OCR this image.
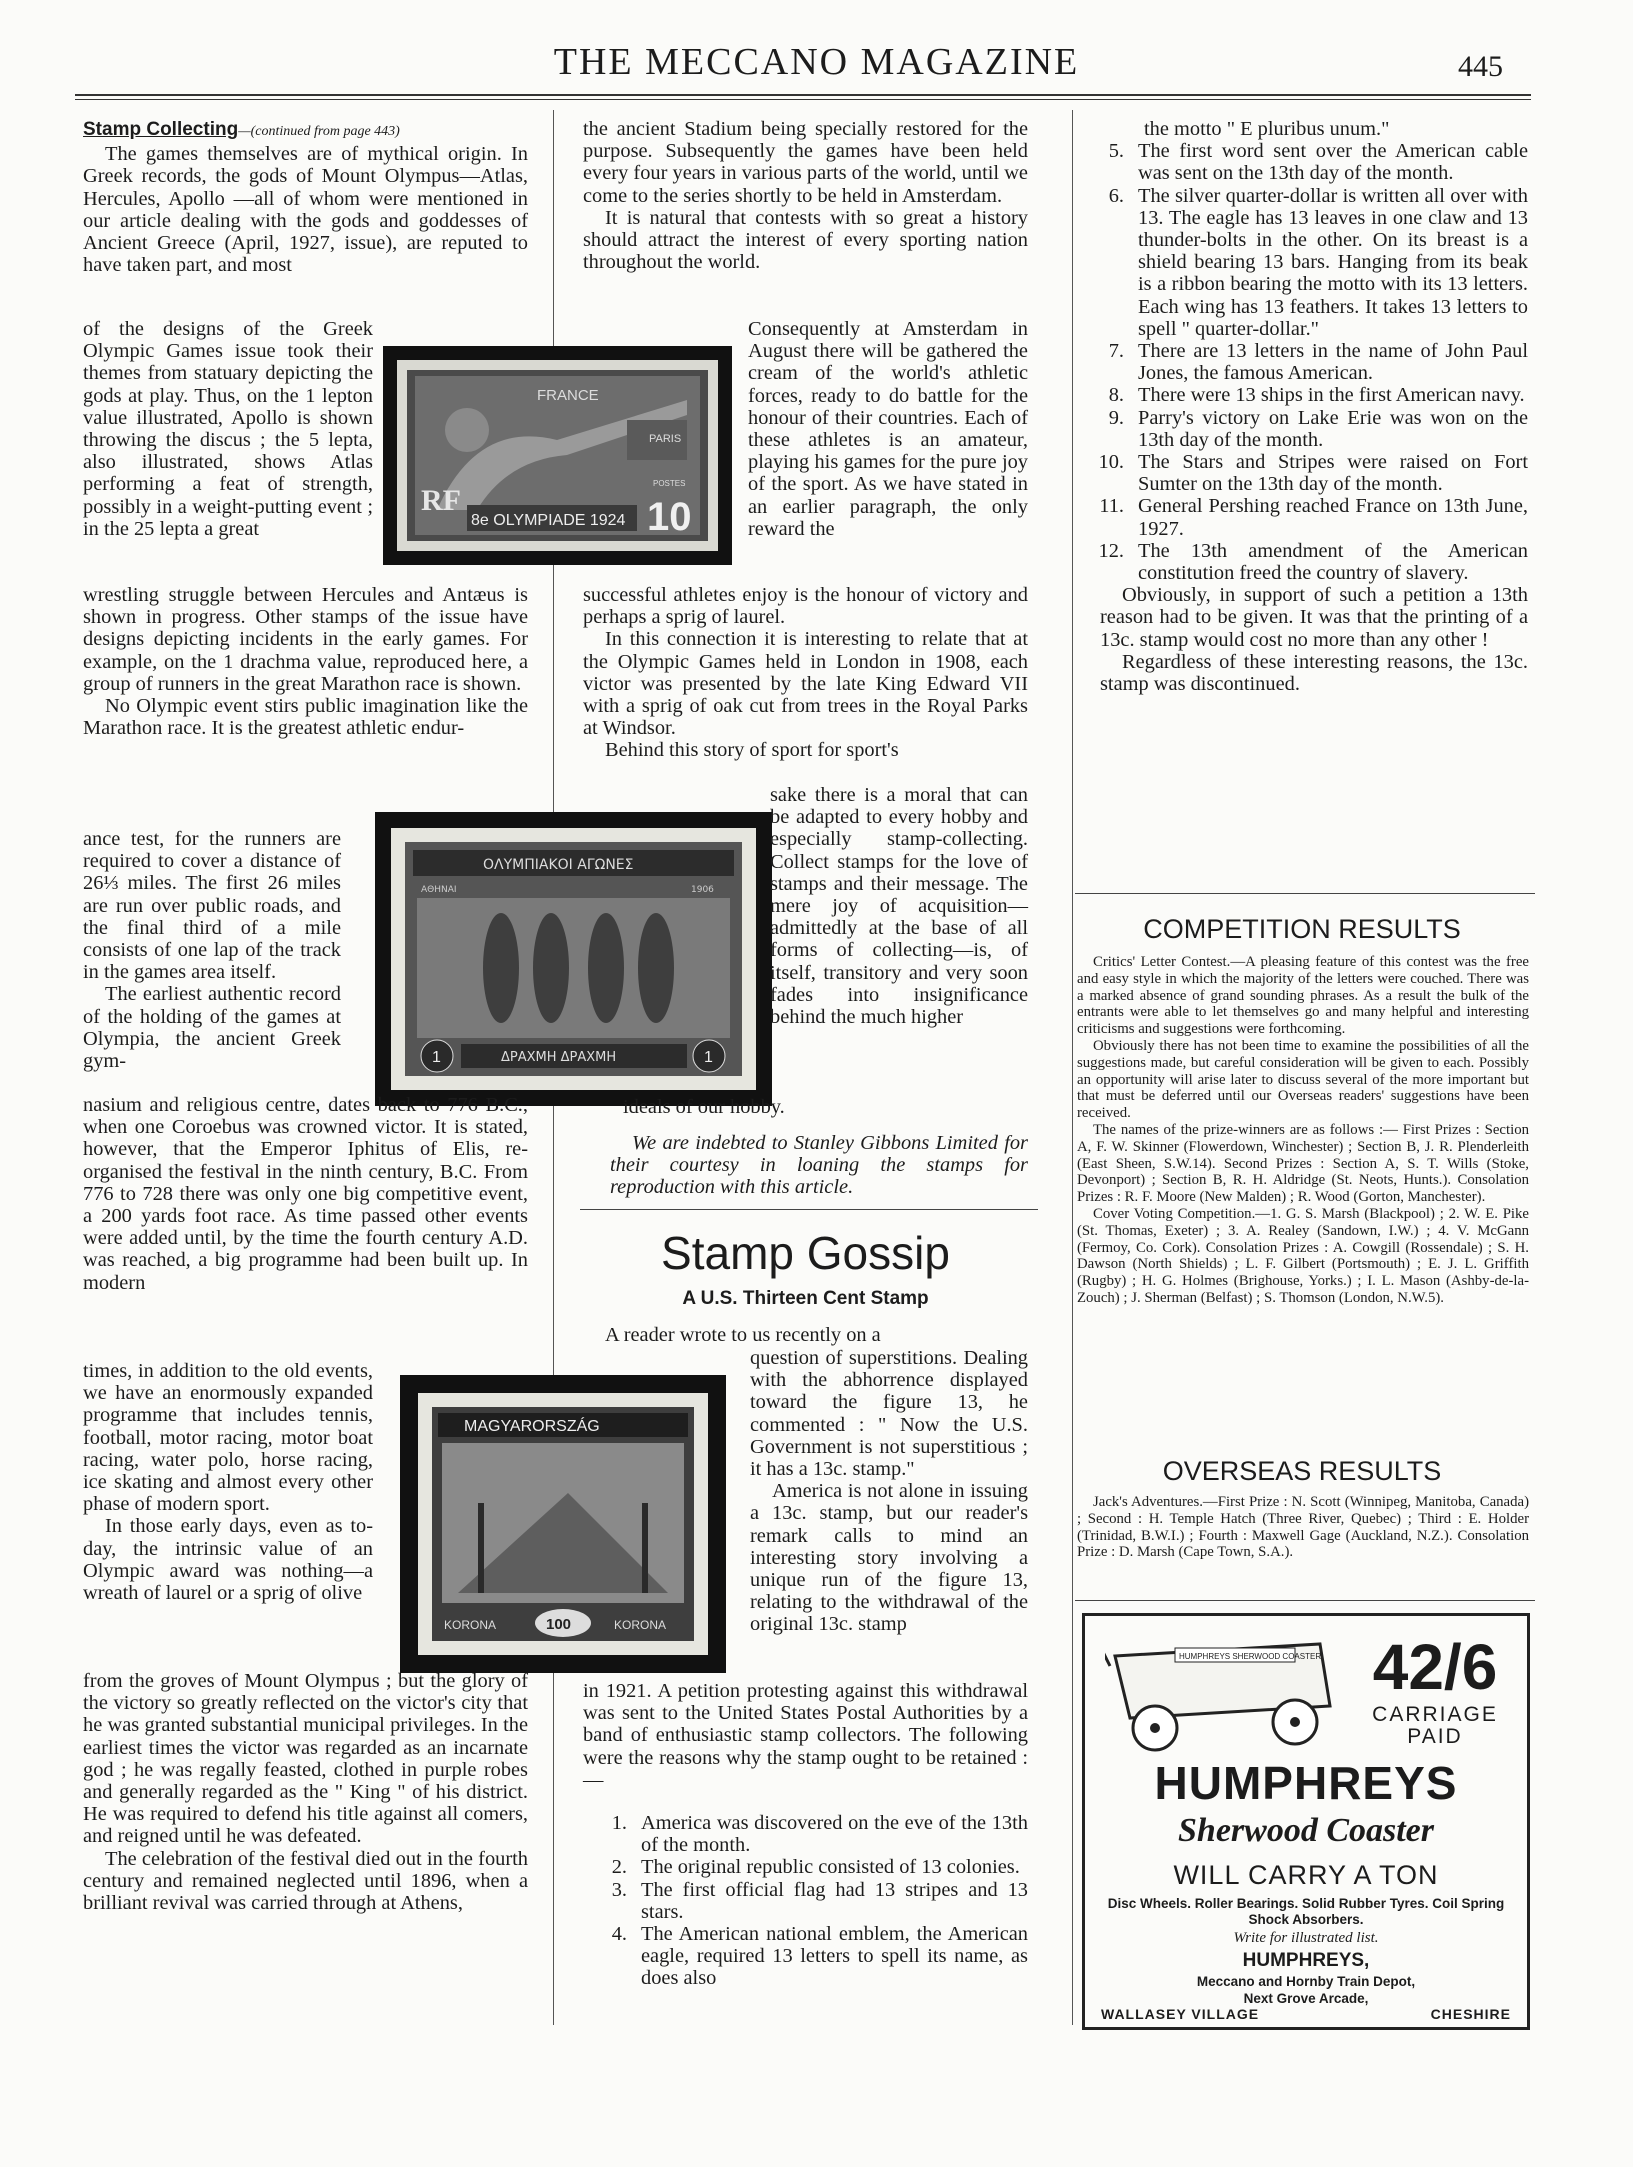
THE MECCANO MAGAZINE	445

Stamp Collecting—(continued from page 443)

The games themselves are of mythical origin. In Greek records, the gods of Mount Olympus—Atlas, Hercules, Apollo —all of whom were mentioned in our article dealing with the gods and goddesses of Ancient Greece (April, 1927, issue), are reputed to have taken part, and most

of the designs of the Greek Olympic Games issue took their themes from statuary depicting the gods at play. Thus, on the 1 lepton value illustrated, Apollo is shown throwing the discus ; the 5 lepta, also illustrated, shows Atlas performing a feat of strength, possibly in a weight-putting event ; in the 25 lepta a great

FRANCE
PARIS
POSTES
RF
8e OLYMPIADE 1924 10

wrestling struggle between Hercules and Antæus is shown in progress. Other stamps of the issue have designs depicting incidents in the early games. For example, on the 1 drachma value, reproduced here, a group of runners in the great Marathon race is shown.

No Olympic event stirs public imagination like the Marathon race. It is the greatest athletic endur-

ance test, for the runners are required to cover a distance of 26⅓ miles. The first 26 miles are run over public roads, and the final third of a mile consists of one lap of the track in the games area itself.

The earliest authentic record of the holding of the games at Olympia, the ancient Greek gym-

ΟΛΥΜΠΙΑΚΟΙ ΑΓΩΝΕΣ
ΑΘΗΝΑΙ	1906
1	1
ΔΡΑΧΜΗ ΔΡΑΧΜΗ

nasium and religious centre, dates back to 776 B.C., when one Coroebus was crowned victor. It is stated, however, that the Emperor Iphitus of Elis, re-organised the festival in the ninth century, B.C. From 776 to 728 there was only one big competitive event, a 200 yards foot race. As time passed other events were added until, by the time the fourth century A.D. was reached, a big programme had been built up. In modern

times, in addition to the old events, we have an enormously expanded programme that includes tennis, football, motor racing, motor boat racing, water polo, horse racing, ice skating and almost every other phase of modern sport.

In those early days, even as to-day, the intrinsic value of an Olympic award was nothing—a wreath of laurel or a sprig of olive

MAGYARORSZÁG
KORONA	100	KORONA

from the groves of Mount Olympus ; but the glory of the victory so greatly reflected on the victor's city that he was granted substantial municipal privileges. In the earliest times the victor was regarded as an incarnate god ; he was regally feasted, clothed in purple robes and generally regarded as the " King " of his district. He was required to defend his title against all comers, and reigned until he was defeated.

The celebration of the festival died out in the fourth century and remained neglected until 1896, when a brilliant revival was carried through at Athens,

the ancient Stadium being specially restored for the purpose. Subsequently the games have been held every four years in various parts of the world, until we come to the series shortly to be held in Amsterdam.

It is natural that contests with so great a history should attract the interest of every sporting nation throughout the world.

Consequently at Amsterdam in August there will be gathered the cream of the world's athletic forces, ready to do battle for the honour of their countries. Each of these athletes is an amateur, playing his games for the pure joy of the sport. As we have stated in an earlier paragraph, the only reward the

successful athletes enjoy is the honour of victory and perhaps a sprig of laurel.

In this connection it is interesting to relate that at the Olympic Games held in London in 1908, each victor was presented by the late King Edward VII with a sprig of oak cut from trees in the Royal Parks at Windsor.

Behind this story of sport for sport's

sake there is a moral that can be adapted to every hobby and especially stamp-collecting. Collect stamps for the love of stamps and their message. The mere joy of acquisition—admittedly at the base of all forms of collecting—is, of itself, transitory and very soon fades into insignificance behind the much higher

ideals of our hobby.

We are indebted to Stanley Gibbons Limited for their courtesy in loaning the stamps for reproduction with this article.

Stamp Gossip
A U.S. Thirteen Cent Stamp

A reader wrote to us recently on a

question of superstitions. Dealing with the abhorrence displayed toward the figure 13, he commented : " Now the U.S. Government is not superstitious ; it has a 13c. stamp."

America is not alone in issuing a 13c. stamp, but our reader's remark calls to mind an interesting story involving a unique run of the figure 13, relating to the withdrawal of the original 13c. stamp

in 1921. A petition protesting against this withdrawal was sent to the United States Postal Authorities by a band of enthusiastic stamp collectors. The following were the reasons why the stamp ought to be retained :—

1. America was discovered on the eve of the 13th of the month.
2. The original republic consisted of 13 colonies.
3. The first official flag had 13 stripes and 13 stars.
4. The American national emblem, the American eagle, required 13 letters to spell its name, as does also

the motto " E pluribus unum."

5. The first word sent over the American cable was sent on the 13th day of the month.
6. The silver quarter-dollar is written all over with 13. The eagle has 13 leaves in one claw and 13 thunder-bolts in the other. On its breast is a shield bearing 13 bars. Hanging from its beak is a ribbon bearing the motto with its 13 letters. Each wing has 13 feathers. It takes 13 letters to spell " quarter-dollar."
7. There are 13 letters in the name of John Paul Jones, the famous American.
8. There were 13 ships in the first American navy.
9. Parry's victory on Lake Erie was won on the 13th day of the month.
10. The Stars and Stripes were raised on Fort Sumter on the 13th day of the month.
11. General Pershing reached France on 13th June, 1927.
12. The 13th amendment of the American constitution freed the country of slavery.

Obviously, in support of such a petition a 13th reason had to be given. It was that the printing of a 13c. stamp would cost no more than any other !

Regardless of these interesting reasons, the 13c. stamp was discontinued.

COMPETITION RESULTS

Critics' Letter Contest.—A pleasing feature of this contest was the free and easy style in which the majority of the letters were couched. There was a marked absence of grand sounding phrases. As a result the bulk of the entrants were able to let themselves go and many helpful and interesting criticisms and suggestions were forthcoming.

Obviously there has not been time to examine the possibilities of all the suggestions made, but careful consideration will be given to each. Possibly an opportunity will arise later to discuss several of the more important but that must be deferred until our Overseas readers' suggestions have been received.

The names of the prize-winners are as follows :— First Prizes : Section A, F. W. Skinner (Flowerdown, Winchester) ; Section B, J. R. Plenderleith (East Sheen, S.W.14). Second Prizes : Section A, S. T. Wills (Stoke, Devonport) ; Section B, R. H. Aldridge (St. Neots, Hunts.). Consolation Prizes : R. F. Moore (New Malden) ; R. Wood (Gorton, Manchester).

Cover Voting Competition.—1. G. S. Marsh (Blackpool) ; 2. W. E. Pike (St. Thomas, Exeter) ; 3. A. Realey (Sandown, I.W.) ; 4. V. McGann (Fermoy, Co. Cork). Consolation Prizes : A. Cowgill (Rossendale) ; S. H. Dawson (North Shields) ; L. F. Gilbert (Portsmouth) ; E. J. L. Griffith (Rugby) ; H. G. Holmes (Brighouse, Yorks.) ; I. L. Mason (Ashby-de-la-Zouch) ; J. Sherman (Belfast) ; S. Thomson (London, N.W.5).

OVERSEAS RESULTS

Jack's Adventures.—First Prize : N. Scott (Winnipeg, Manitoba, Canada) ; Second : H. Temple Hatch (Three River, Quebec) ; Third : E. Holder (Trinidad, B.W.I.) ; Fourth : Maxwell Gage (Auckland, N.Z.). Consolation Prize : D. Marsh (Cape Town, S.A.).

HUMPHREYS SHERWOOD COASTER 42/6
CARRIAGE
PAID
HUMPHREYS
Sherwood Coaster
WILL CARRY A TON
Disc Wheels. Roller Bearings. Solid Rubber Tyres. Coil Spring Shock Absorbers.
Write for illustrated list.
HUMPHREYS,
Meccano and Hornby Train Depot,
Next Grove Arcade,
WALLASEY VILLAGE	CHESHIRE
